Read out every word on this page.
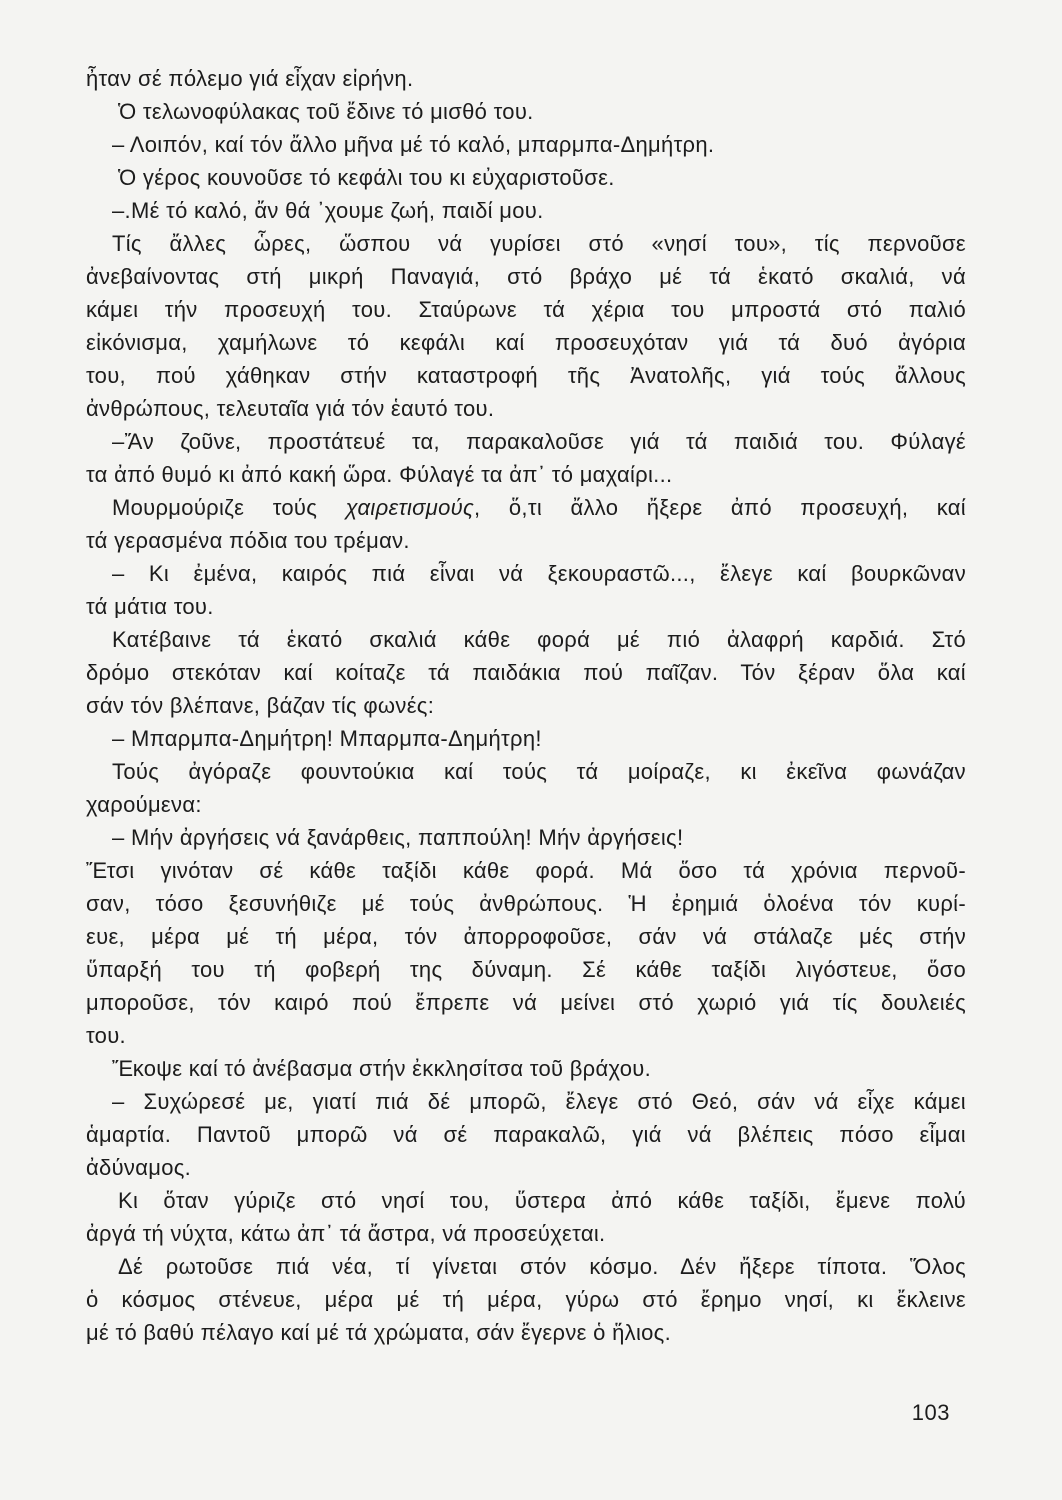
ἦταν σέ πόλεμο γιά εἶχαν εἰρήνη.
Ὁ τελωνοφύλακας τοῦ ἔδινε τό μισθό του.
– Λοιπόν, καί τόν ἄλλο μῆνα μέ τό καλό, μπαρμπα-Δημήτρη.
Ὁ γέρος κουνοῦσε τό κεφάλι του κι εὐχαριστοῦσε.
–.Μέ τό καλό, ἄν θά ᾽χουμε ζωή, παιδί μου.
Τίς ἄλλες ὧρες, ὥσπου νά γυρίσει στό «νησί του», τίς περνοῦσε
ἀνεβαίνοντας στή μικρή Παναγιά, στό βράχο μέ τά ἑκατό σκαλιά, νά
κάμει τήν προσευχή του. Σταύρωνε τά χέρια του μπροστά στό παλιό
εἰκόνισμα, χαμήλωνε τό κεφάλι καί προσευχόταν γιά τά δυό ἀγόρια
του, πού χάθηκαν στήν καταστροφή τῆς Ἀνατολῆς, γιά τούς ἄλλους
ἀνθρώπους, τελευταῖα γιά τόν ἑαυτό του.
–Ἄν ζοῦνε, προστάτευέ τα, παρακαλοῦσε γιά τά παιδιά του. Φύλαγέ
τα ἀπό θυμό κι ἀπό κακή ὥρα. Φύλαγέ τα ἀπ᾽ τό μαχαίρι...
Μουρμούριζε τούς χαιρετισμούς, ὅ,τι ἄλλο ἤξερε ἀπό προσευχή, καί
τά γερασμένα πόδια του τρέμαν.
– Κι ἐμένα, καιρός πιά εἶναι νά ξεκουραστῶ..., ἔλεγε καί βουρκῶναν
τά μάτια του.
Κατέβαινε τά ἑκατό σκαλιά κάθε φορά μέ πιό ἀλαφρή καρδιά. Στό
δρόμο στεκόταν καί κοίταζε τά παιδάκια πού παῖζαν. Τόν ξέραν ὅλα καί
σάν τόν βλέπανε, βάζαν τίς φωνές:
– Μπαρμπα-Δημήτρη! Μπαρμπα-Δημήτρη!
Τούς ἀγόραζε φουντούκια καί τούς τά μοίραζε, κι ἐκεῖνα φωνάζαν
χαρούμενα:
– Μήν ἀργήσεις νά ξανάρθεις, παππούλη! Μήν ἀργήσεις!
Ἔτσι γινόταν σέ κάθε ταξίδι κάθε φορά. Μά ὅσο τά χρόνια περνοῦ-
σαν, τόσο ξεσυνήθιζε μέ τούς ἀνθρώπους. Ἡ ἐρημιά ὁλοένα τόν κυρί-
ευε, μέρα μέ τή μέρα, τόν ἀπορροφοῦσε, σάν νά στάλαζε μές στήν
ὕπαρξή του τή φοβερή της δύναμη. Σέ κάθε ταξίδι λιγόστευε, ὅσο
μποροῦσε, τόν καιρό πού ἔπρεπε νά μείνει στό χωριό γιά τίς δουλειές
του.
Ἔκοψε καί τό ἀνέβασμα στήν ἐκκλησίτσα τοῦ βράχου.
– Συχώρεσέ με, γιατί πιά δέ μπορῶ, ἔλεγε στό Θεό, σάν νά εἶχε κάμει
ἁμαρτία. Παντοῦ μπορῶ νά σέ παρακαλῶ, γιά νά βλέπεις πόσο εἶμαι
ἀδύναμος.
Κι ὅταν γύριζε στό νησί του, ὕστερα ἀπό κάθε ταξίδι, ἔμενε πολύ
ἀργά τή νύχτα, κάτω ἀπ᾽ τά ἄστρα, νά προσεύχεται.
Δέ ρωτοῦσε πιά νέα, τί γίνεται στόν κόσμο. Δέν ἤξερε τίποτα. Ὅλος
ὁ κόσμος στένευε, μέρα μέ τή μέρα, γύρω στό ἔρημο νησί, κι ἔκλεινε
μέ τό βαθύ πέλαγο καί μέ τά χρώματα, σάν ἔγερνε ὁ ἥλιος.
103
